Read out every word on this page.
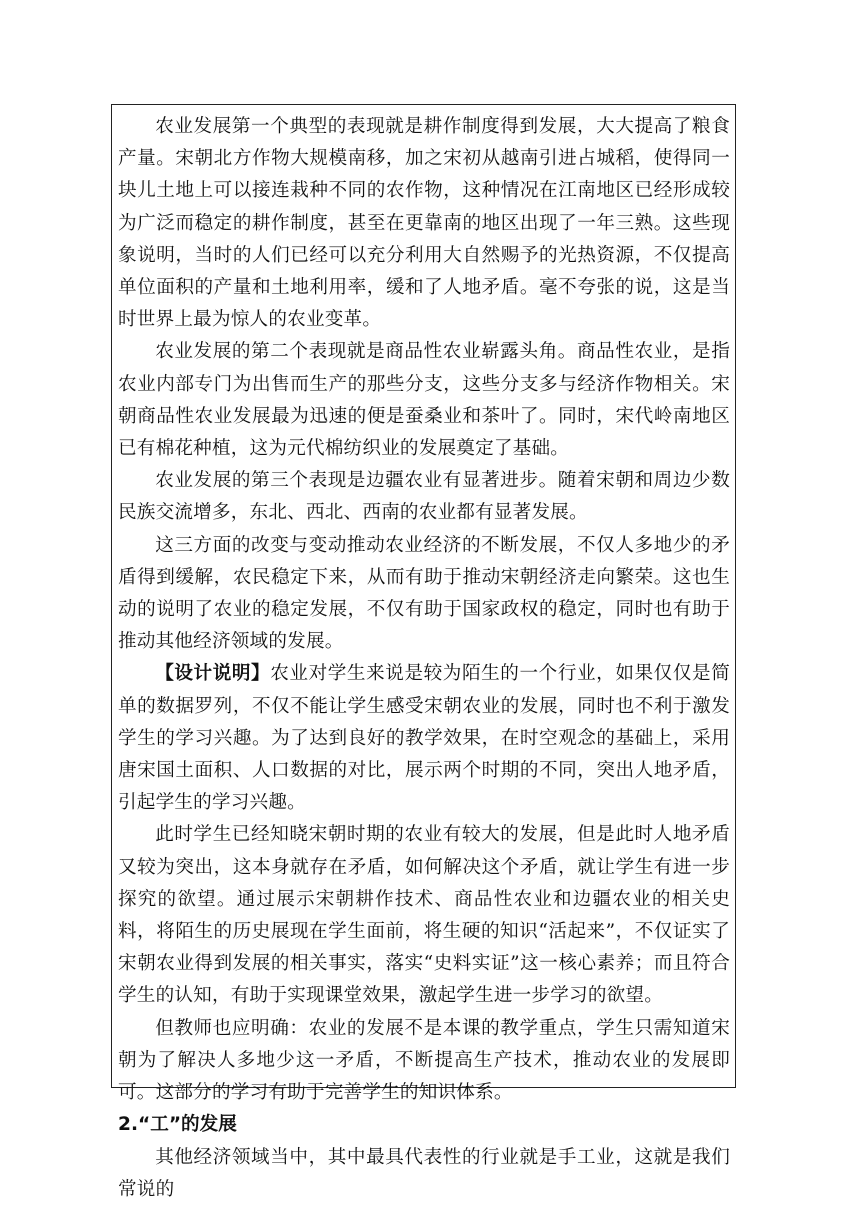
农业发展第一个典型的表现就是耕作制度得到发展，大大提高了粮食产量。宋朝北方作物大规模南移，加之宋初从越南引进占城稻，使得同一块儿土地上可以接连栽种不同的农作物，这种情况在江南地区已经形成较为广泛而稳定的耕作制度，甚至在更靠南的地区出现了一年三熟。这些现象说明，当时的人们已经可以充分利用大自然赐予的光热资源，不仅提高单位面积的产量和土地利用率，缓和了人地矛盾。毫不夸张的说，这是当时世界上最为惊人的农业变革。

农业发展的第二个表现就是商品性农业崭露头角。商品性农业，是指农业内部专门为出售而生产的那些分支，这些分支多与经济作物相关。宋朝商品性农业发展最为迅速的便是蚕桑业和茶叶了。同时，宋代岭南地区已有棉花种植，这为元代棉纺织业的发展奠定了基础。

农业发展的第三个表现是边疆农业有显著进步。随着宋朝和周边少数民族交流增多，东北、西北、西南的农业都有显著发展。

这三方面的改变与变动推动农业经济的不断发展，不仅人多地少的矛盾得到缓解，农民稳定下来，从而有助于推动宋朝经济走向繁荣。这也生动的说明了农业的稳定发展，不仅有助于国家政权的稳定，同时也有助于推动其他经济领域的发展。

【设计说明】农业对学生来说是较为陌生的一个行业，如果仅仅是简单的数据罗列，不仅不能让学生感受宋朝农业的发展，同时也不利于激发学生的学习兴趣。为了达到良好的教学效果，在时空观念的基础上，采用唐宋国土面积、人口数据的对比，展示两个时期的不同，突出人地矛盾，引起学生的学习兴趣。

此时学生已经知晓宋朝时期的农业有较大的发展，但是此时人地矛盾又较为突出，这本身就存在矛盾，如何解决这个矛盾，就让学生有进一步探究的欲望。通过展示宋朝耕作技术、商品性农业和边疆农业的相关史料，将陌生的历史展现在学生面前，将生硬的知识“活起来”，不仅证实了宋朝农业得到发展的相关事实，落实“史料实证”这一核心素养；而且符合学生的认知，有助于实现课堂效果，激起学生进一步学习的欲望。

但教师也应明确：农业的发展不是本课的教学重点，学生只需知道宋朝为了解决人多地少这一矛盾，不断提高生产技术，推动农业的发展即可。这部分的学习有助于完善学生的知识体系。

2.“工”的发展

其他经济领域当中，其中最具代表性的行业就是手工业，这就是我们常说的
